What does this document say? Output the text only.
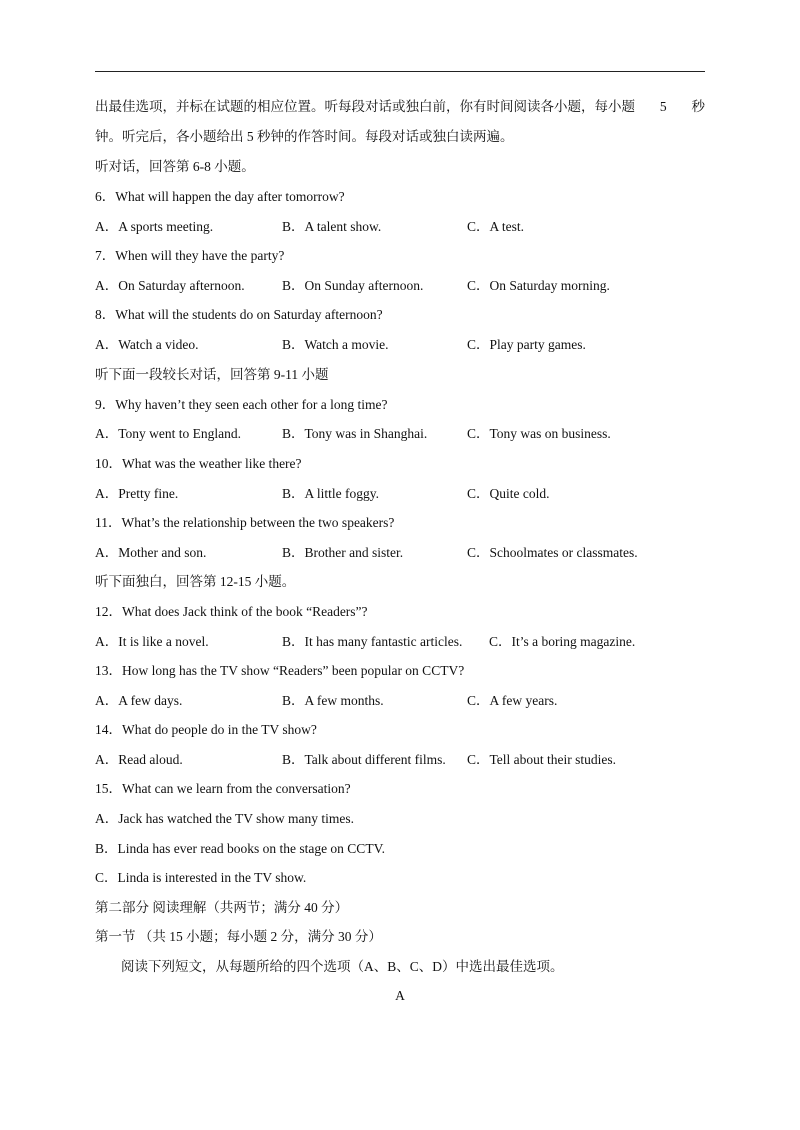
出最佳选项，并标在试题的相应位置。听每段对话或独白前，你有时间阅读各小题，每小题 5 秒
钟。听完后，各小题给出 5 秒钟的作答时间。每段对话或独白读两遍。
听对话，回答第 6-8 小题。
6．What will happen the day after tomorrow?
A．A sports meeting.	B．A talent show.	C．A test.
7．When will they have the party?
A．On Saturday afternoon.	B．On Sunday afternoon.	C．On Saturday morning.
8．What will the students do on Saturday afternoon?
A．Watch a video.	B．Watch a movie.	C．Play party games.
听下面一段较长对话，回答第 9-11 小题
9．Why haven’t they seen each other for a long time?
A．Tony went to England.	B．Tony was in Shanghai.	C．Tony was on business.
10．What was the weather like there?
A．Pretty fine.	B．A little foggy.	C．Quite cold.
11．What’s the relationship between the two speakers?
A．Mother and son.	B．Brother and sister.	C．Schoolmates or classmates.
听下面独白，回答第 12-15 小题。
12．What does Jack think of the book “Readers”?
A．It is like a novel.	B．It has many fantastic articles. C．It’s a boring magazine.
13．How long has the TV show “Readers” been popular on CCTV?
A．A few days.	B．A few months.	C．A few years.
14．What do people do in the TV show?
A．Read aloud.	B．Talk about different films. C．Tell about their studies.
15．What can we learn from the conversation?
A．Jack has watched the TV show many times.
B．Linda has ever read books on the stage on CCTV.
C．Linda is interested in the TV show.
第二部分 阅读理解（共两节；满分 40 分）
第一节 （共 15 小题；每小题 2 分，满分 30 分）
阅读下列短文，从每题所给的四个选项（A、B、C、D）中选出最佳选项。
A
